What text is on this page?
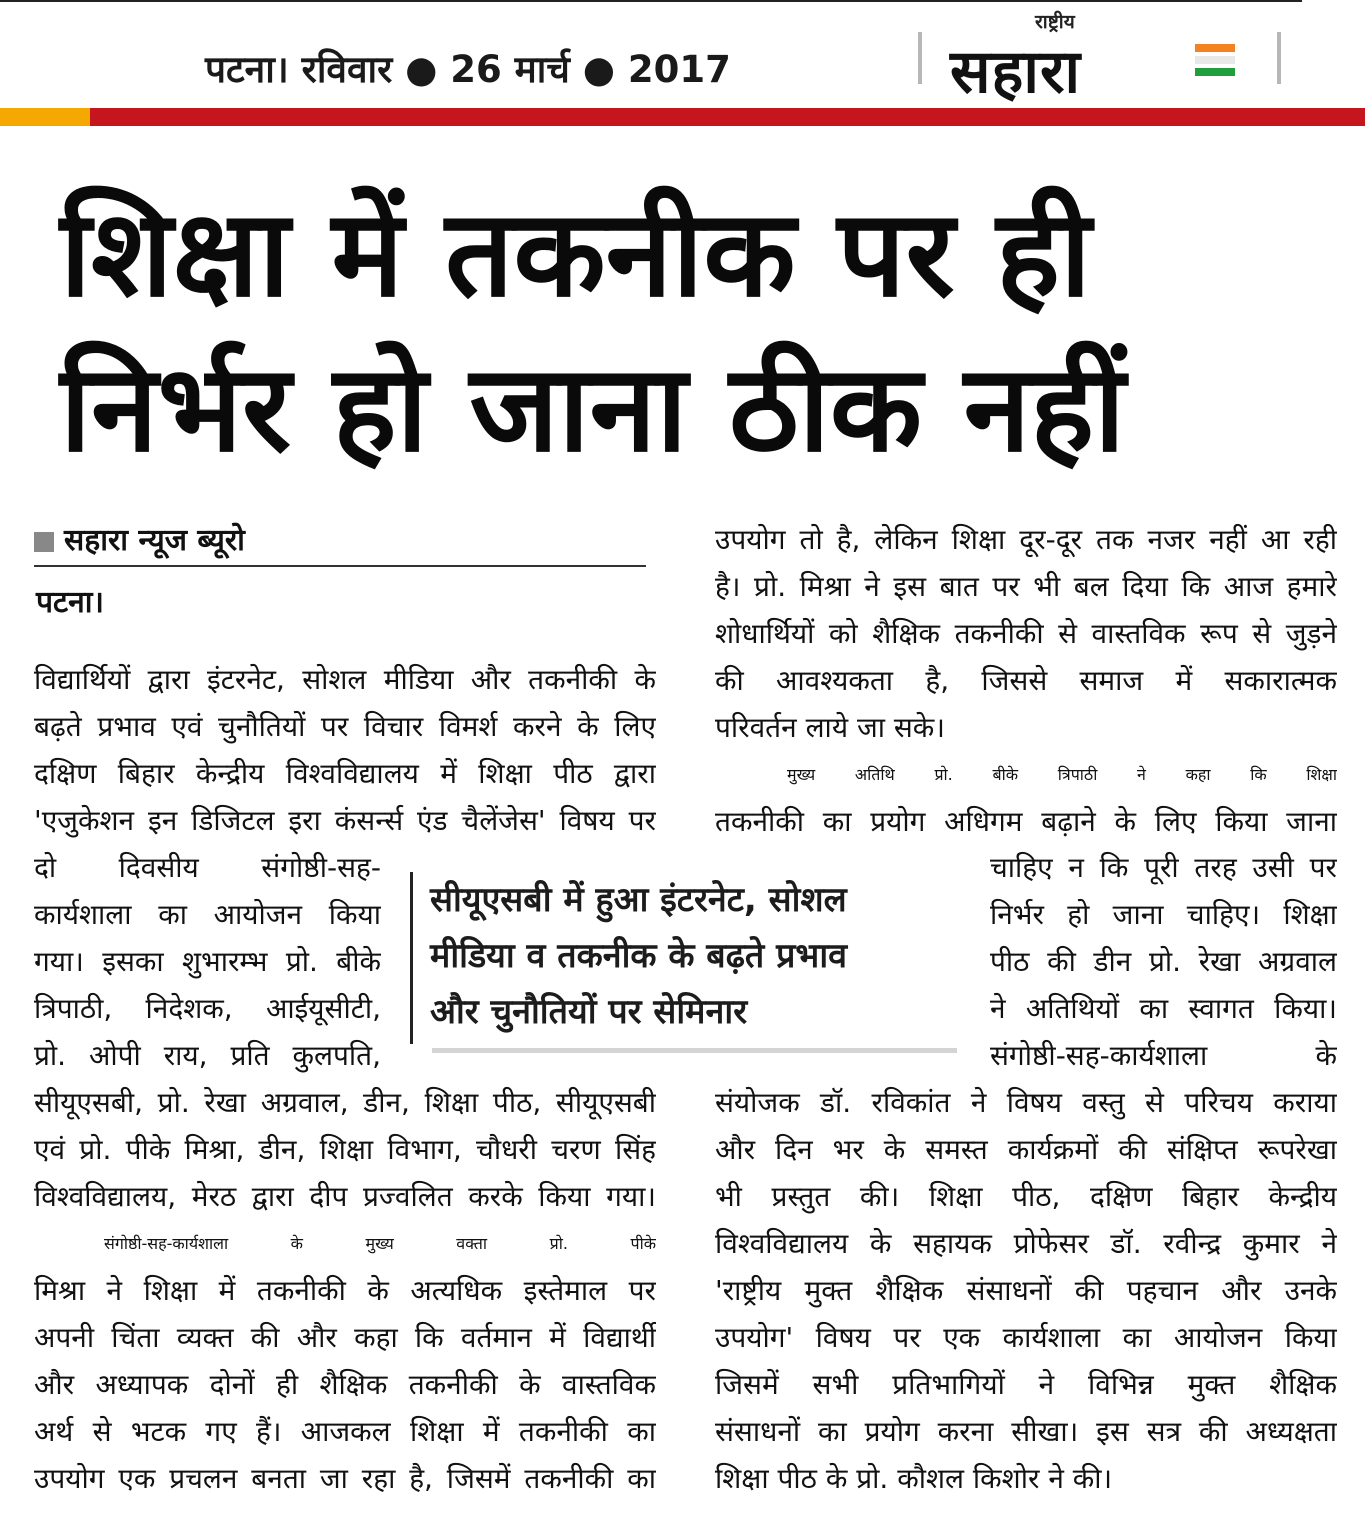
पटना। रविवार ● 26 मार्च ● 2017
राष्ट्रीय
सहारा
शिक्षा में तकनीक पर ही
निर्भर हो जाना ठीक नहीं
सहारा न्यूज ब्यूरो
पटना।
विद्यार्थियों द्वारा इंटरनेट, सोशल मीडिया और तकनीकी के
बढ़ते प्रभाव एवं चुनौतियों पर विचार विमर्श करने के लिए
दक्षिण बिहार केन्द्रीय विश्वविद्यालय में शिक्षा पीठ द्वारा
'एजुकेशन इन डिजिटल इरा कंसर्न्स एंड चैलेंजेस' विषय पर
दो दिवसीय संगोष्ठी-सह-
कार्यशाला का आयोजन किया
गया। इसका शुभारम्भ प्रो. बीके
त्रिपाठी, निदेशक, आईयूसीटी,
प्रो. ओपी राय, प्रति कुलपति,
सीयूएसबी में हुआ इंटरनेट, सोशल
मीडिया व तकनीक के बढ़ते प्रभाव
और चुनौतियों पर सेमिनार
सीयूएसबी, प्रो. रेखा अग्रवाल, डीन, शिक्षा पीठ, सीयूएसबी
एवं प्रो. पीके मिश्रा, डीन, शिक्षा विभाग, चौधरी चरण सिंह
विश्वविद्यालय, मेरठ द्वारा दीप प्रज्वलित करके किया गया।
संगोष्ठी-सह-कार्यशाला के मुख्य वक्ता प्रो. पीके
मिश्रा ने शिक्षा में तकनीकी के अत्यधिक इस्तेमाल पर
अपनी चिंता व्यक्त की और कहा कि वर्तमान में विद्यार्थी
और अध्यापक दोनों ही शैक्षिक तकनीकी के वास्तविक
अर्थ से भटक गए हैं। आजकल शिक्षा में तकनीकी का
उपयोग एक प्रचलन बनता जा रहा है, जिसमें तकनीकी का
उपयोग तो है, लेकिन शिक्षा दूर-दूर तक नजर नहीं आ रही
है। प्रो. मिश्रा ने इस बात पर भी बल दिया कि आज हमारे
शोधार्थियों को शैक्षिक तकनीकी से वास्तविक रूप से जुड़ने
की आवश्यकता है, जिससे समाज में सकारात्मक
परिवर्तन लाये जा सके।
मुख्य अतिथि प्रो. बीके त्रिपाठी ने कहा कि शिक्षा
तकनीकी का प्रयोग अधिगम बढ़ाने के लिए किया जाना
चाहिए न कि पूरी तरह उसी पर
निर्भर हो जाना चाहिए। शिक्षा
पीठ की डीन प्रो. रेखा अग्रवाल
ने अतिथियों का स्वागत किया।
संगोष्ठी-सह-कार्यशाला के
संयोजक डॉ. रविकांत ने विषय वस्तु से परिचय कराया
और दिन भर के समस्त कार्यक्रमों की संक्षिप्त रूपरेखा
भी प्रस्तुत की। शिक्षा पीठ, दक्षिण बिहार केन्द्रीय
विश्वविद्यालय के सहायक प्रोफेसर डॉ. रवीन्द्र कुमार ने
'राष्ट्रीय मुक्त शैक्षिक संसाधनों की पहचान और उनके
उपयोग' विषय पर एक कार्यशाला का आयोजन किया
जिसमें सभी प्रतिभागियों ने विभिन्न मुक्त शैक्षिक
संसाधनों का प्रयोग करना सीखा। इस सत्र की अध्यक्षता
शिक्षा पीठ के प्रो. कौशल किशोर ने की।
